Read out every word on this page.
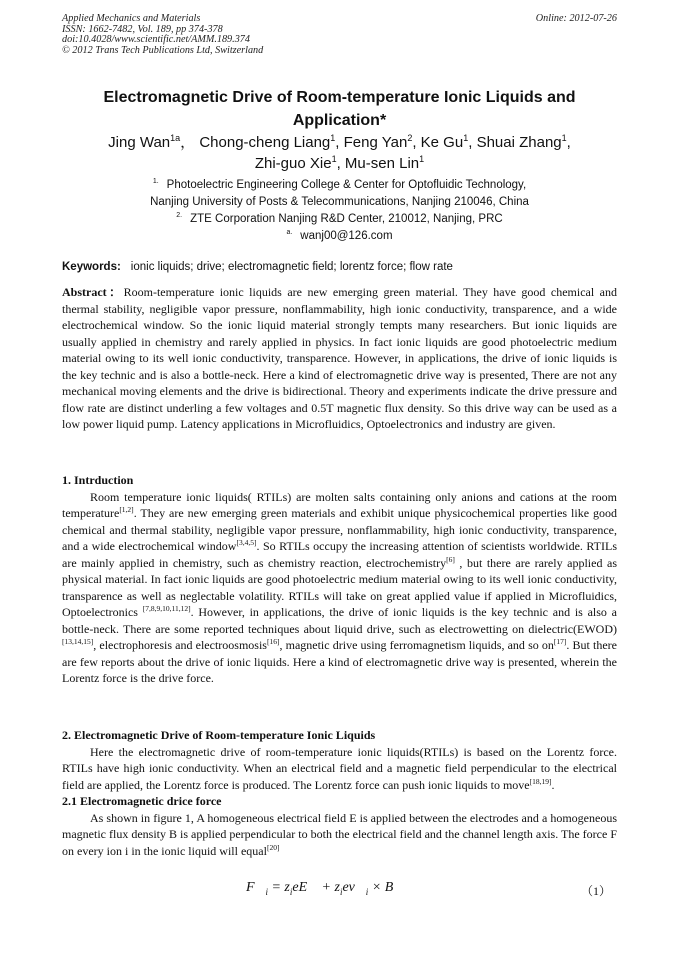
Applied Mechanics and Materials
ISSN: 1662-7482, Vol. 189, pp 374-378
doi:10.4028/www.scientific.net/AMM.189.374
© 2012 Trans Tech Publications Ltd, Switzerland
Online: 2012-07-26
Electromagnetic Drive of Room-temperature Ionic Liquids and
Application*
Jing Wan$^{1a}$， Chong-cheng Liang$^1$, Feng Yan$^2$, Ke Gu$^1$, Shuai Zhang$^1$,
Zhi-guo Xie$^1$, Mu-sen Lin$^1$
$^{1.}$ Photoelectric Engineering College & Center for Optofluidic Technology,
Nanjing University of Posts & Telecommunications, Nanjing 210046, China
$^{2.}$ ZTE Corporation Nanjing R&D Center, 210012, Nanjing, PRC
$^{a.}$ wanj00@126.com
Keywords: ionic liquids; drive; electromagnetic field; lorentz force; flow rate

Abstract：Room-temperature ionic liquids are new emerging green material. They have good chemical and thermal stability, negligible vapor pressure, nonflammability, high ionic conductivity, transparence, and a wide electrochemical window. So the ionic liquid material strongly tempts many researchers. But ionic liquids are usually applied in chemistry and rarely applied in physics. In fact ionic liquids are good photoelectric medium material owing to its well ionic conductivity, transparence. However, in applications, the drive of ionic liquids is the key technic and is also a bottle-neck. Here a kind of electromagnetic drive way is presented, There are not any mechanical moving elements and the drive is bidirectional. Theory and experiments indicate the drive pressure and flow rate are distinct underling a few voltages and 0.5T magnetic flux density. So this drive way can be used as a low power liquid pump. Latency applications in Microfluidics, Optoelectronics and industry are given.

1. Intrduction

Room temperature ionic liquids( RTILs) are molten salts containing only anions and cations at the room temperature[1,2]. They are new emerging green materials and exhibit unique physicochemical properties like good chemical and thermal stability, negligible vapor pressure, nonflammability, high ionic conductivity, transparence, and a wide electrochemical window[3,4,5]. So RTILs occupy the increasing attention of scientists worldwide. RTILs are mainly applied in chemistry, such as chemistry reaction, electrochemistry[6] , but there are rarely applied as physical material. In fact ionic liquids are good photoelectric medium material owing to its well ionic conductivity, transparence as well as neglectable volatility. RTILs will take on great applied value if applied in Microfluidics, Optoelectronics [7,8,9,10,11,12]. However, in applications, the drive of ionic liquids is the key technic and is also a bottle-neck. There are some reported techniques about liquid drive, such as electrowetting on dielectric(EWOD) [13,14,15], electrophoresis and electroosmosis[16], magnetic drive using ferromagnetism liquids, and so on[17]. But there are few reports about the drive of ionic liquids. Here a kind of electromagnetic drive way is presented, wherein the Lorentz force is the drive force.

2. Electromagnetic Drive of Room-temperature Ionic Liquids

Here the electromagnetic drive of room-temperature ionic liquids(RTILs) is based on the Lorentz force. RTILs have high ionic conductivity. When an electrical field and a magnetic field perpendicular to the electrical field are applied, the Lorentz force is produced. The Lorentz force can push ionic liquids to move[18,19].

2.1 Electromagnetic drice force

As shown in figure 1, A homogeneous electrical field E is applied between the electrodes and a homogeneous magnetic flux density B is applied perpendicular to both the electrical field and the channel length axis. The force F on every ion i in the ionic liquid will equal[20]

$F⃗_i$ = $z_ieE⃗$ + $z_iev⃗_i$ × B⃗	（1）
